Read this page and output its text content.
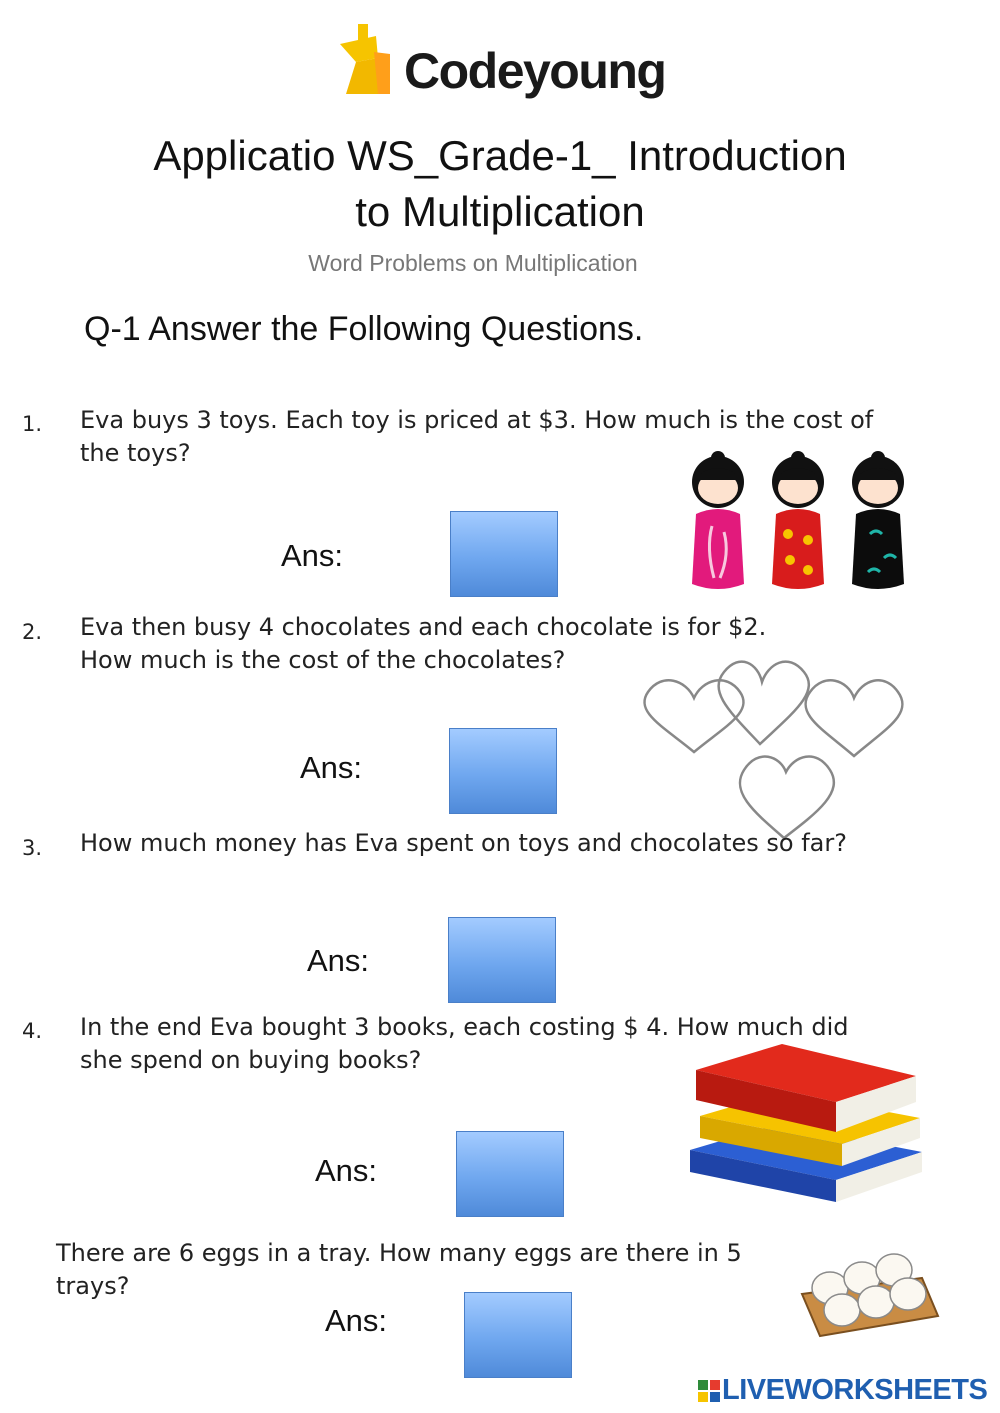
Codeyoung
Applicatio WS_Grade-1_ Introduction
to Multiplication
Word Problems on Multiplication
Q-1 Answer the Following Questions.
1. Eva buys 3 toys. Each toy is priced at $3. How much is the cost of
the toys?
Ans:
2. Eva then busy 4 chocolates and each chocolate is for $2.
How much is the cost of the chocolates?
Ans:
3. How much money has Eva spent on toys and chocolates so far?
Ans:
4. In the end Eva bought 3 books, each costing $ 4. How much did
she spend on buying books?
Ans:
There are 6 eggs in a tray. How many eggs are there in 5 trays?
Ans:
LIVEWORKSHEETS
